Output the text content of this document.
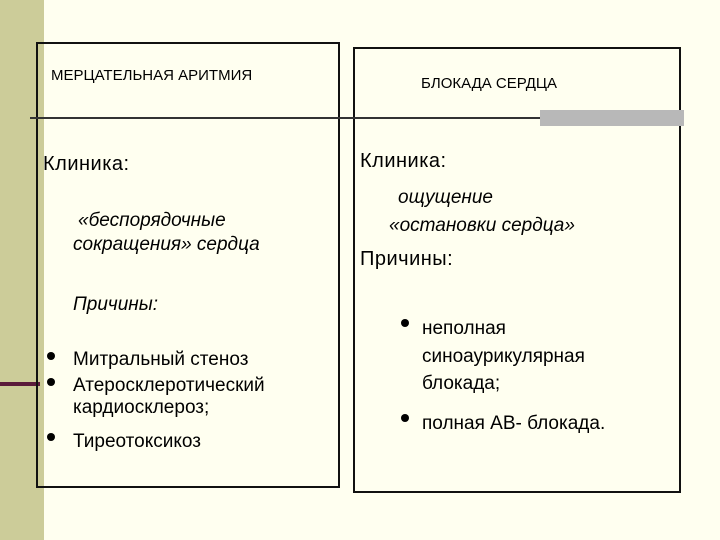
МЕРЦАТЕЛЬНАЯ АРИТМИЯ
Клиника:
«беспорядочные
сокращения» сердца
Причины:
Митральный стеноз
Атеросклеротический
кардиосклероз;
Тиреотоксикоз
БЛОКАДА СЕРДЦА
Клиника:
ощущение
«остановки сердца»
Причины:
неполная
синоаурикулярная
блокада;
полная АВ- блокада.
